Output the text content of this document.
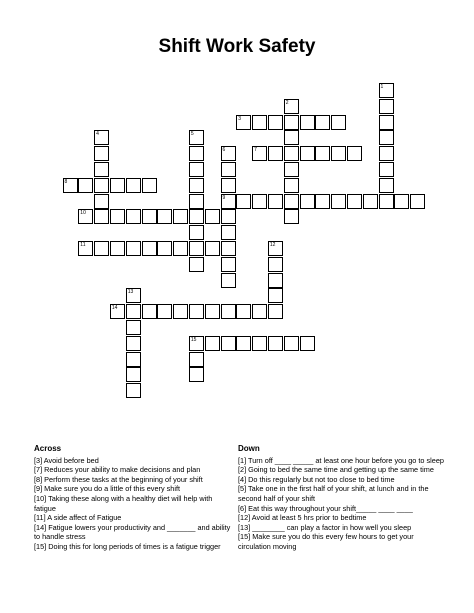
Shift Work Safety
1
2
3
4	5
6
9
7
8
10
11	12
13
14
15
Across

[3] Avoid before bed

[7] Reduces your ability to make decisions and plan

[8] Perform these tasks at the beginning of your shift

[9] Make sure you do a little of this every shift

[10] Taking these along with a healthy diet will help with fatigue

[11] A side affect of Fatigue

[14] Fatigue lowers your productivity and _______ and ability to handle stress

[15] Doing this for long periods of times is a fatigue trigger

Down

[1] Turn off ____ _____ at least one hour before you go to sleep

[2] Going to bed the same time and getting up the same time

[4] Do this regularly but not too close to bed time

[5] Take one in the first half of your shift, at lunch and in the second half of your shift

[6] Eat this way throughout your shift_____ ____ ____

[12] Avoid at least 5 hrs prior to bedtime

[13] ________ can play a factor in how well you sleep

[15] Make sure you do this every few hours to get your circulation moving
